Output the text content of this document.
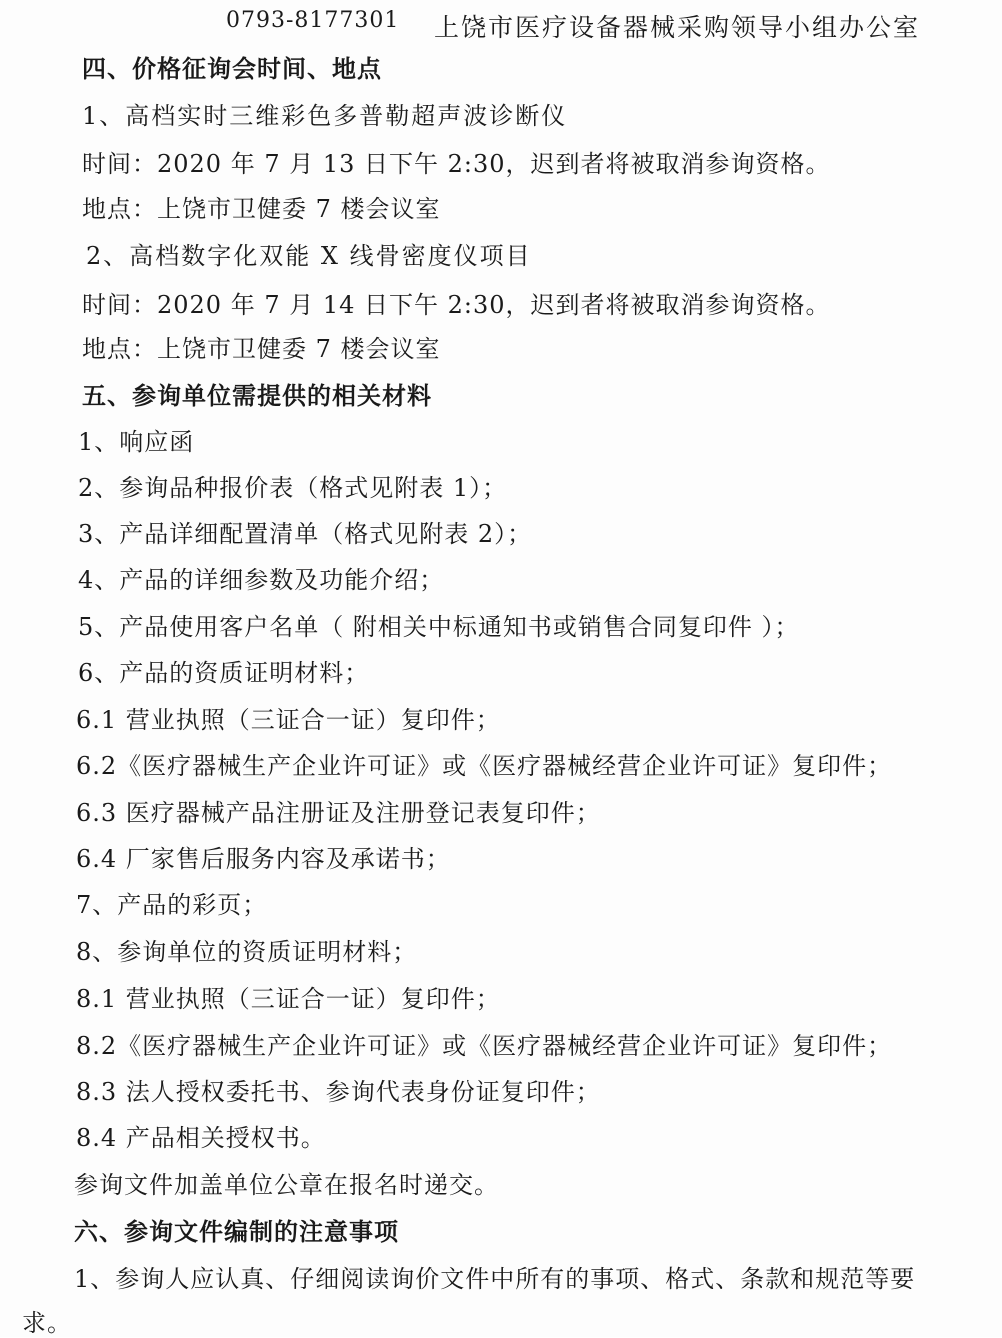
0793-8177301 上饶市医疗设备器械采购领导小组办公室
四、价格征询会时间、地点
1、高档实时三维彩色多普勒超声波诊断仪
时间：2020 年 7 月 13 日下午 2:30，迟到者将被取消参询资格。
地点：上饶市卫健委 7 楼会议室
2、高档数字化双能 X 线骨密度仪项目
时间：2020 年 7 月 14 日下午 2:30，迟到者将被取消参询资格。
地点：上饶市卫健委 7 楼会议室
五、参询单位需提供的相关材料
1、响应函
2、参询品种报价表（格式见附表 1）；
3、产品详细配置清单（格式见附表 2）；
4、产品的详细参数及功能介绍；
5、产品使用客户名单（ 附相关中标通知书或销售合同复印件 ）；
6、产品的资质证明材料；
6.1 营业执照（三证合一证）复印件；
6.2《医疗器械生产企业许可证》或《医疗器械经营企业许可证》复印件；
6.3 医疗器械产品注册证及注册登记表复印件；
6.4 厂家售后服务内容及承诺书；
7、产品的彩页；
8、参询单位的资质证明材料；
8.1 营业执照（三证合一证）复印件；
8.2《医疗器械生产企业许可证》或《医疗器械经营企业许可证》复印件；
8.3 法人授权委托书、参询代表身份证复印件；
8.4 产品相关授权书。
参询文件加盖单位公章在报名时递交。
六、参询文件编制的注意事项
1、参询人应认真、仔细阅读询价文件中所有的事项、格式、条款和规范等要
求。
